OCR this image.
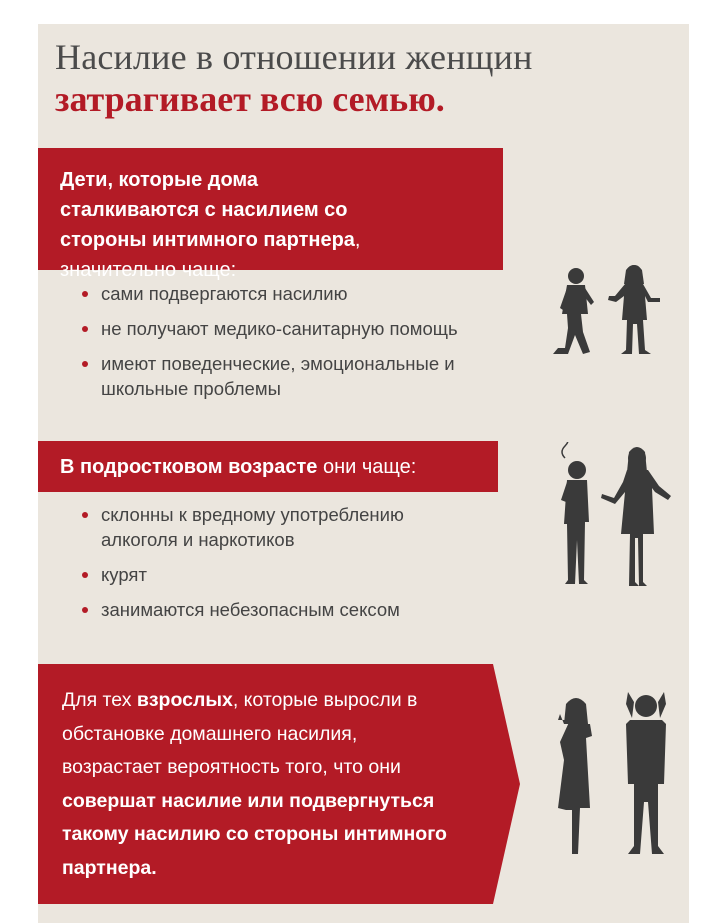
Насилие в отношении женщин
затрагивает всю семью.
Дети, которые дома сталкиваются с насилием со стороны интимного партнера, значительно чаще:
сами подвергаются насилию
не получают медико-санитарную помощь
имеют поведенческие, эмоциональные и школьные проблемы
В подростковом возрасте они чаще:
склонны к вредному употреблению алкоголя и наркотиков
курят
занимаются небезопасным сексом
Для тех взрослых, которые выросли в обстановке домашнего насилия, возрастает вероятность того, что они совершат насилие или подвергнуться такому насилию со стороны интимного партнера.
